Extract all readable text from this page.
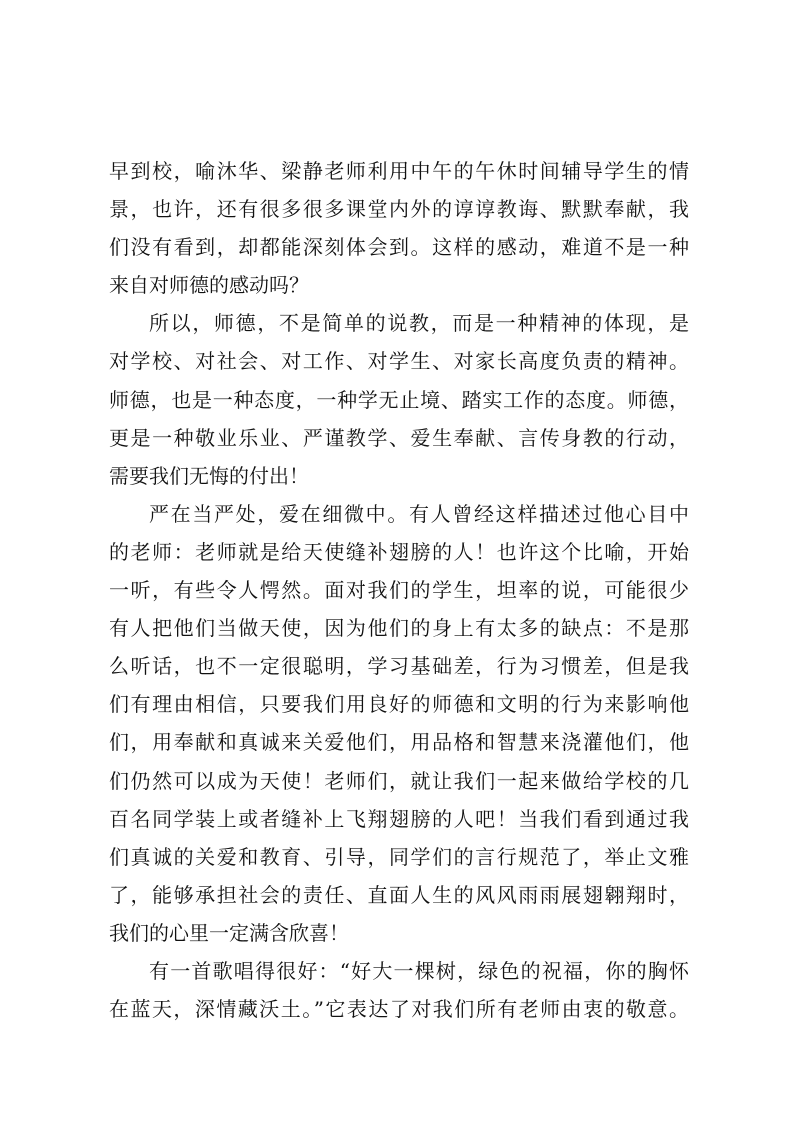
早到校，喻沐华、梁静老师利用中午的午休时间辅导学生的情
景，也许，还有很多很多课堂内外的谆谆教诲、默默奉献，我
们没有看到，却都能深刻体会到。这样的感动，难道不是一种
来自对师德的感动吗？
所以，师德，不是简单的说教，而是一种精神的体现，是
对学校、对社会、对工作、对学生、对家长高度负责的精神。
师德，也是一种态度，一种学无止境、踏实工作的态度。师德，
更是一种敬业乐业、严谨教学、爱生奉献、言传身教的行动，
需要我们无悔的付出！
严在当严处，爱在细微中。有人曾经这样描述过他心目中
的老师：老师就是给天使缝补翅膀的人！也许这个比喻，开始
一听，有些令人愕然。面对我们的学生，坦率的说，可能很少
有人把他们当做天使，因为他们的身上有太多的缺点：不是那
么听话，也不一定很聪明，学习基础差，行为习惯差，但是我
们有理由相信，只要我们用良好的师德和文明的行为来影响他
们，用奉献和真诚来关爱他们，用品格和智慧来浇灌他们，他
们仍然可以成为天使！老师们，就让我们一起来做给学校的几
百名同学装上或者缝补上飞翔翅膀的人吧！当我们看到通过我
们真诚的关爱和教育、引导，同学们的言行规范了，举止文雅
了，能够承担社会的责任、直面人生的风风雨雨展翅翱翔时，
我们的心里一定满含欣喜！
有一首歌唱得很好：“好大一棵树，绿色的祝福，你的胸怀
在蓝天，深情藏沃土。”它表达了对我们所有老师由衷的敬意。
